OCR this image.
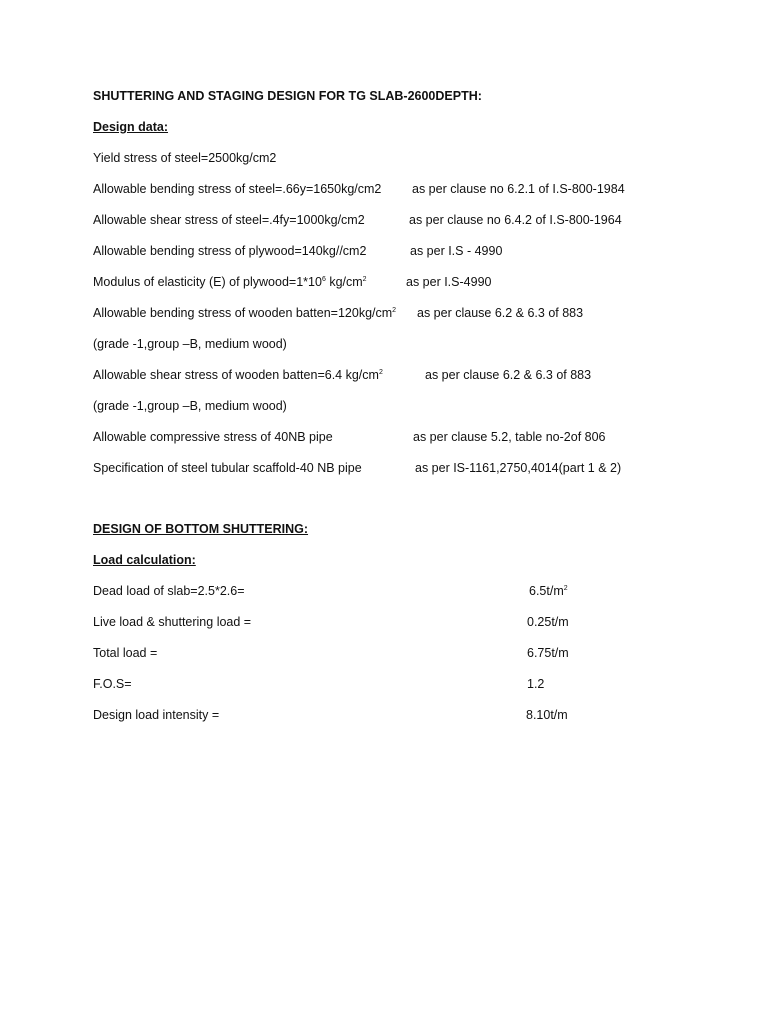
SHUTTERING AND STAGING DESIGN FOR TG SLAB-2600DEPTH:
Design data:
Yield stress of steel=2500kg/cm2
Allowable bending stress of steel=.66y=1650kg/cm2 as per clause no 6.2.1 of I.S-800-1984
Allowable shear stress of steel=.4fy=1000kg/cm2	as per clause no 6.4.2 of I.S-800-1964
Allowable bending stress of plywood=140kg//cm2	as per I.S - 4990
Modulus of elasticity (E) of $plywood=1*10^6$ $kg/cm^2$	as per I.S-4990
Allowable bending stress of wooden $batten=120kg/cm^2$ as per clause 6.2 & 6.3 of 883
(grade -1,group –B, medium wood)
Allowable shear stress of wooden batten=6.4 $kg/cm^2$	as per clause 6.2 & 6.3 of 883
(grade -1,group –B, medium wood)
Allowable compressive stress of 40NB pipe	as per clause 5.2, table no-2of 806
Specification of steel tubular scaffold-40 NB pipe	as per IS-1161,2750,4014(part 1 & 2)
DESIGN OF BOTTOM SHUTTERING:
Load calculation:
Dead load of slab=2.5*2.6=	$6.5t/m^2$
Live load & shuttering load =	0.25t/m
Total load =	6.75t/m
F.O.S=	1.2
Design load intensity =	8.10t/m
